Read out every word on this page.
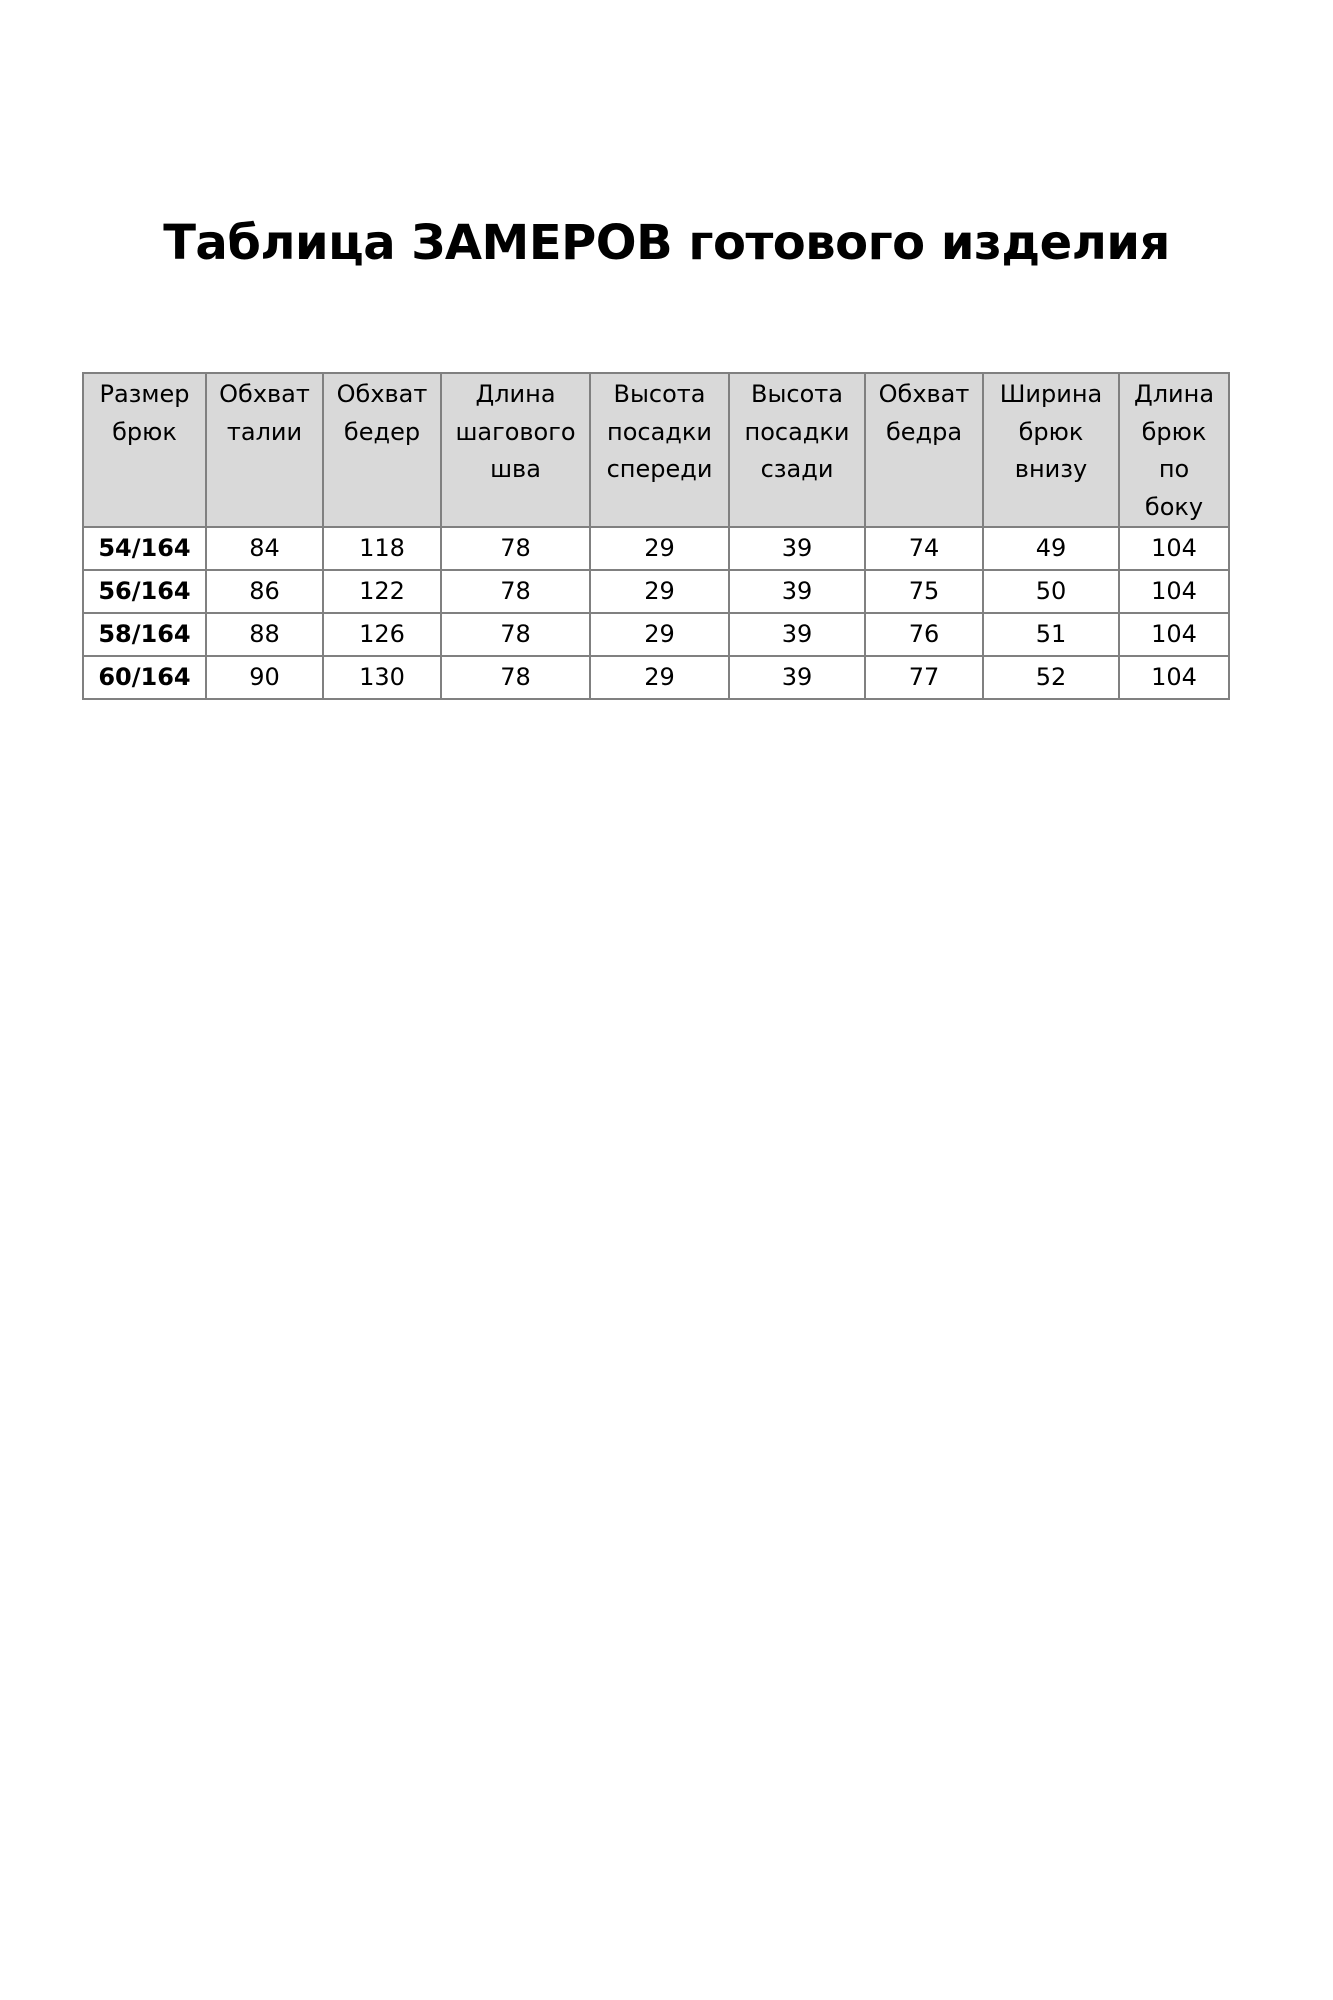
Таблица ЗАМЕРОВ готового изделия
Размер
брюк	Обхват
талии	Обхват
бедер	Длина
шагового
шва	Высота
посадки
спереди	Высота
посадки
сзади	Обхват
бедра	Ширина
брюк
внизу	Длина
брюк
по
боку

54/164	84	118	78	29	39	74	49	104
56/164	86	122	78	29	39	75	50	104
58/164	88	126	78	29	39	76	51	104
60/164	90	130	78	29	39	77	52	104
